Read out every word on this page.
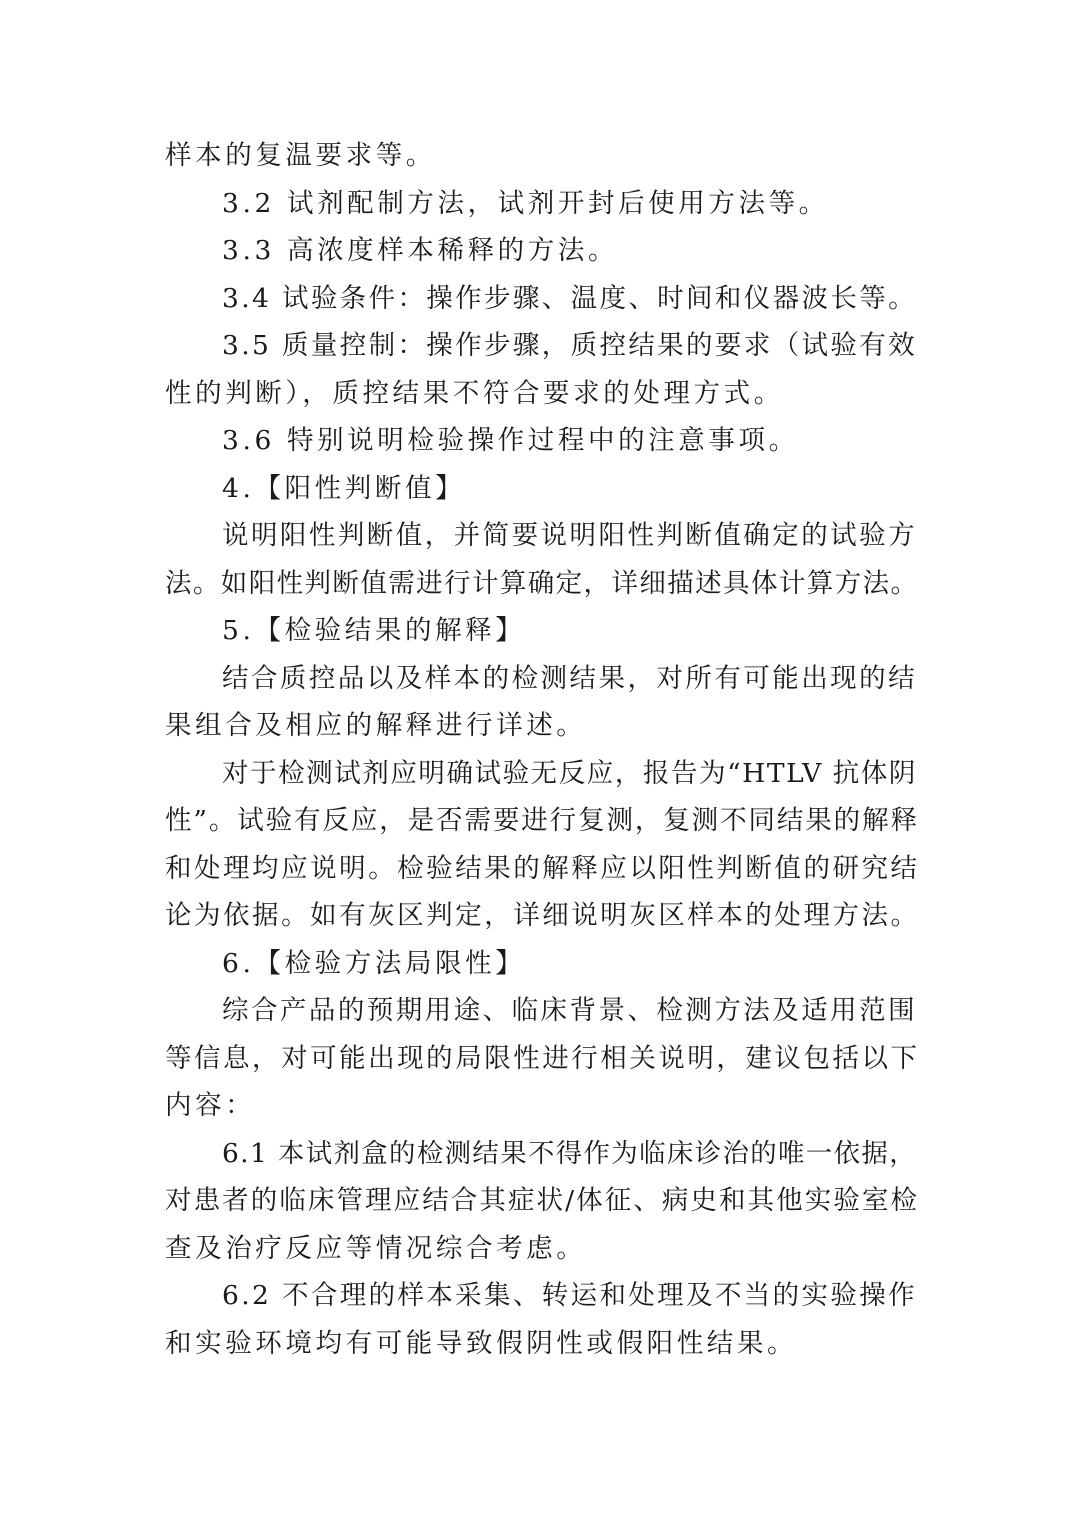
样本的复温要求等。
3.2 试剂配制方法，试剂开封后使用方法等。
3.3 高浓度样本稀释的方法。
3.4 试验条件：操作步骤、温度、时间和仪器波长等。
3.5 质量控制：操作步骤，质控结果的要求（试验有效
性的判断），质控结果不符合要求的处理方式。
3.6 特别说明检验操作过程中的注意事项。
4.【阳性判断值】
说明阳性判断值，并简要说明阳性判断值确定的试验方
法。如阳性判断值需进行计算确定，详细描述具体计算方法。
5.【检验结果的解释】
结合质控品以及样本的检测结果，对所有可能出现的结
果组合及相应的解释进行详述。
对于检测试剂应明确试验无反应，报告为“HTLV 抗体阴
性”。试验有反应，是否需要进行复测，复测不同结果的解释
和处理均应说明。检验结果的解释应以阳性判断值的研究结
论为依据。如有灰区判定，详细说明灰区样本的处理方法。
6.【检验方法局限性】
综合产品的预期用途、临床背景、检测方法及适用范围
等信息，对可能出现的局限性进行相关说明，建议包括以下
内容：
6.1 本试剂盒的检测结果不得作为临床诊治的唯一依据，
对患者的临床管理应结合其症状/体征、病史和其他实验室检
查及治疗反应等情况综合考虑。
6.2 不合理的样本采集、转运和处理及不当的实验操作
和实验环境均有可能导致假阴性或假阳性结果。
